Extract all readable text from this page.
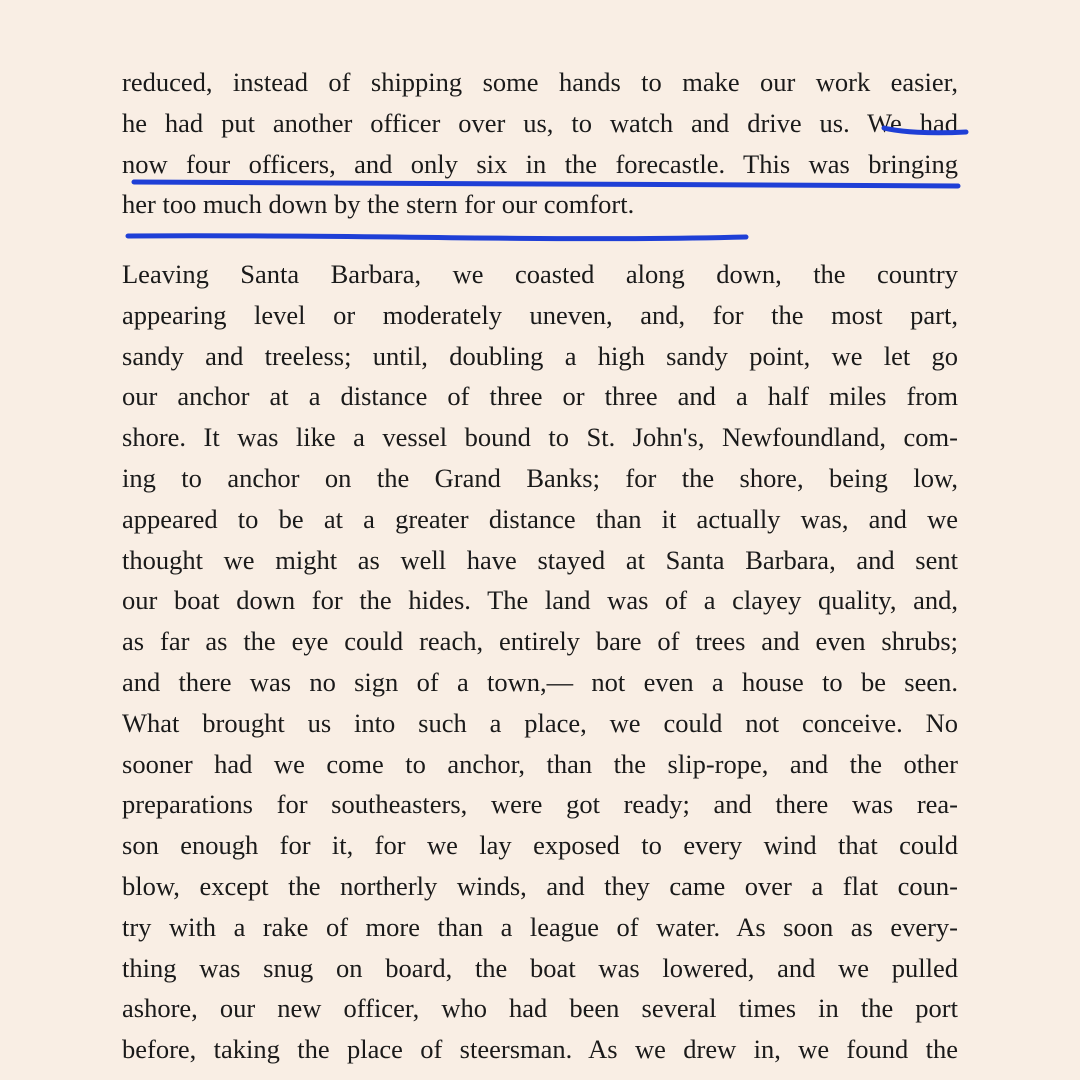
reduced, instead of shipping some hands to make our work easier,
he had put another officer over us, to watch and drive us. We had
now four officers, and only six in the forecastle. This was bringing
her too much down by the stern for our comfort.
Leaving Santa Barbara, we coasted along down, the country
appearing level or moderately uneven, and, for the most part,
sandy and treeless; until, doubling a high sandy point, we let go
our anchor at a distance of three or three and a half miles from
shore. It was like a vessel bound to St. John's, Newfoundland, com-
ing to anchor on the Grand Banks; for the shore, being low,
appeared to be at a greater distance than it actually was, and we
thought we might as well have stayed at Santa Barbara, and sent
our boat down for the hides. The land was of a clayey quality, and,
as far as the eye could reach, entirely bare of trees and even shrubs;
and there was no sign of a town,— not even a house to be seen.
What brought us into such a place, we could not conceive. No
sooner had we come to anchor, than the slip-rope, and the other
preparations for southeasters, were got ready; and there was rea-
son enough for it, for we lay exposed to every wind that could
blow, except the northerly winds, and they came over a flat coun-
try with a rake of more than a league of water. As soon as every-
thing was snug on board, the boat was lowered, and we pulled
ashore, our new officer, who had been several times in the port
before, taking the place of steersman. As we drew in, we found the
